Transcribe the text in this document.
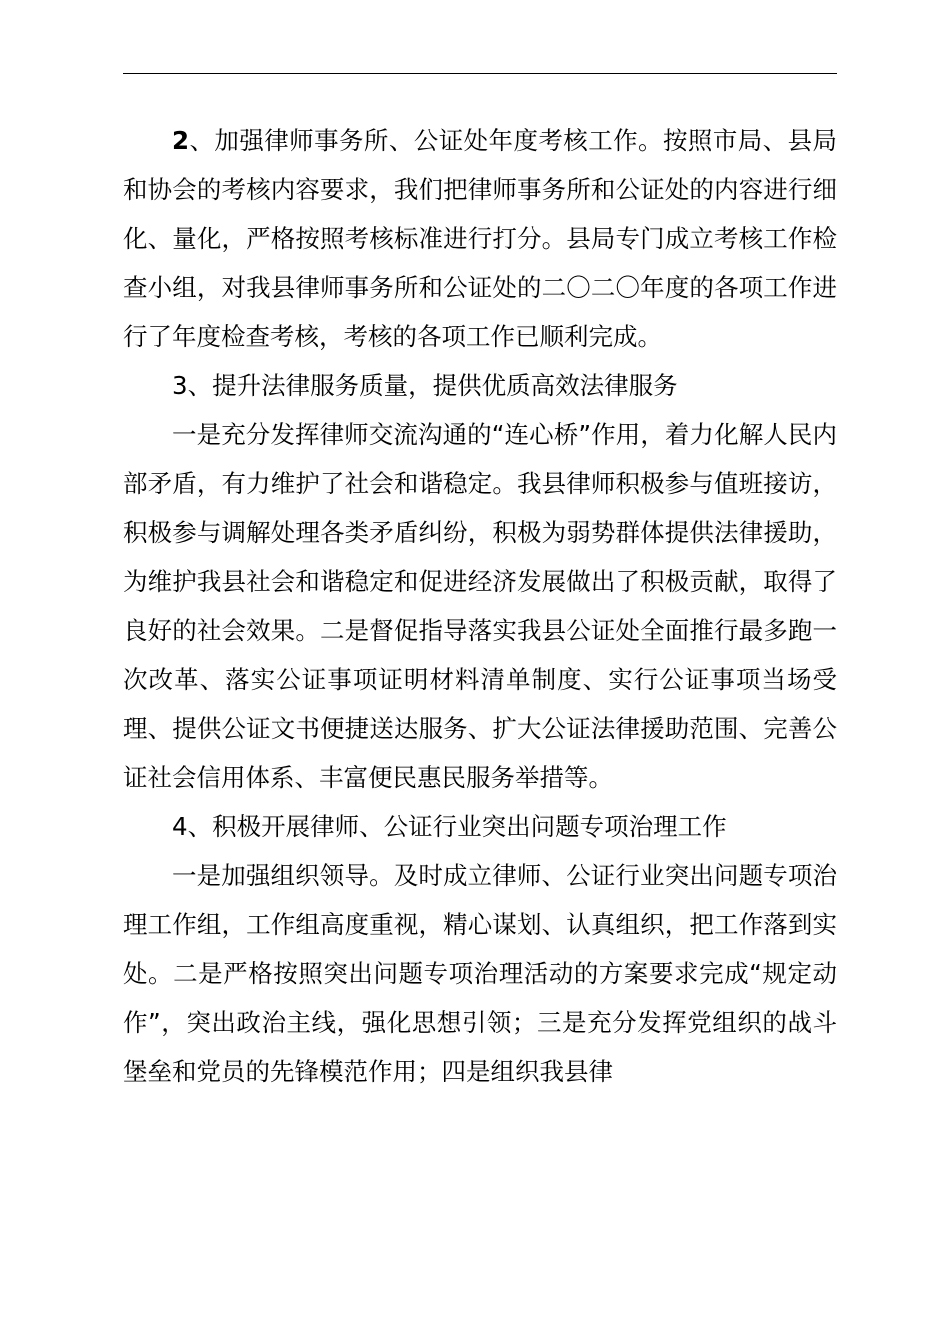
2、加强律师事务所、公证处年度考核工作。按照市局、县局和协会的考核内容要求，我们把律师事务所和公证处的内容进行细化、量化，严格按照考核标准进行打分。县局专门成立考核工作检查小组，对我县律师事务所和公证处的二〇二〇年度的各项工作进行了年度检查考核，考核的各项工作已顺利完成。

3、提升法律服务质量，提供优质高效法律服务

一是充分发挥律师交流沟通的“连心桥”作用，着力化解人民内部矛盾，有力维护了社会和谐稳定。我县律师积极参与值班接访，积极参与调解处理各类矛盾纠纷，积极为弱势群体提供法律援助，为维护我县社会和谐稳定和促进经济发展做出了积极贡献，取得了良好的社会效果。二是督促指导落实我县公证处全面推行最多跑一次改革、落实公证事项证明材料清单制度、实行公证事项当场受理、提供公证文书便捷送达服务、扩大公证法律援助范围、完善公证社会信用体系、丰富便民惠民服务举措等。

4、积极开展律师、公证行业突出问题专项治理工作

一是加强组织领导。及时成立律师、公证行业突出问题专项治理工作组，工作组高度重视，精心谋划、认真组织，把工作落到实处。二是严格按照突出问题专项治理活动的方案要求完成“规定动作”，突出政治主线，强化思想引领；三是充分发挥党组织的战斗堡垒和党员的先锋模范作用；四是组织我县律
